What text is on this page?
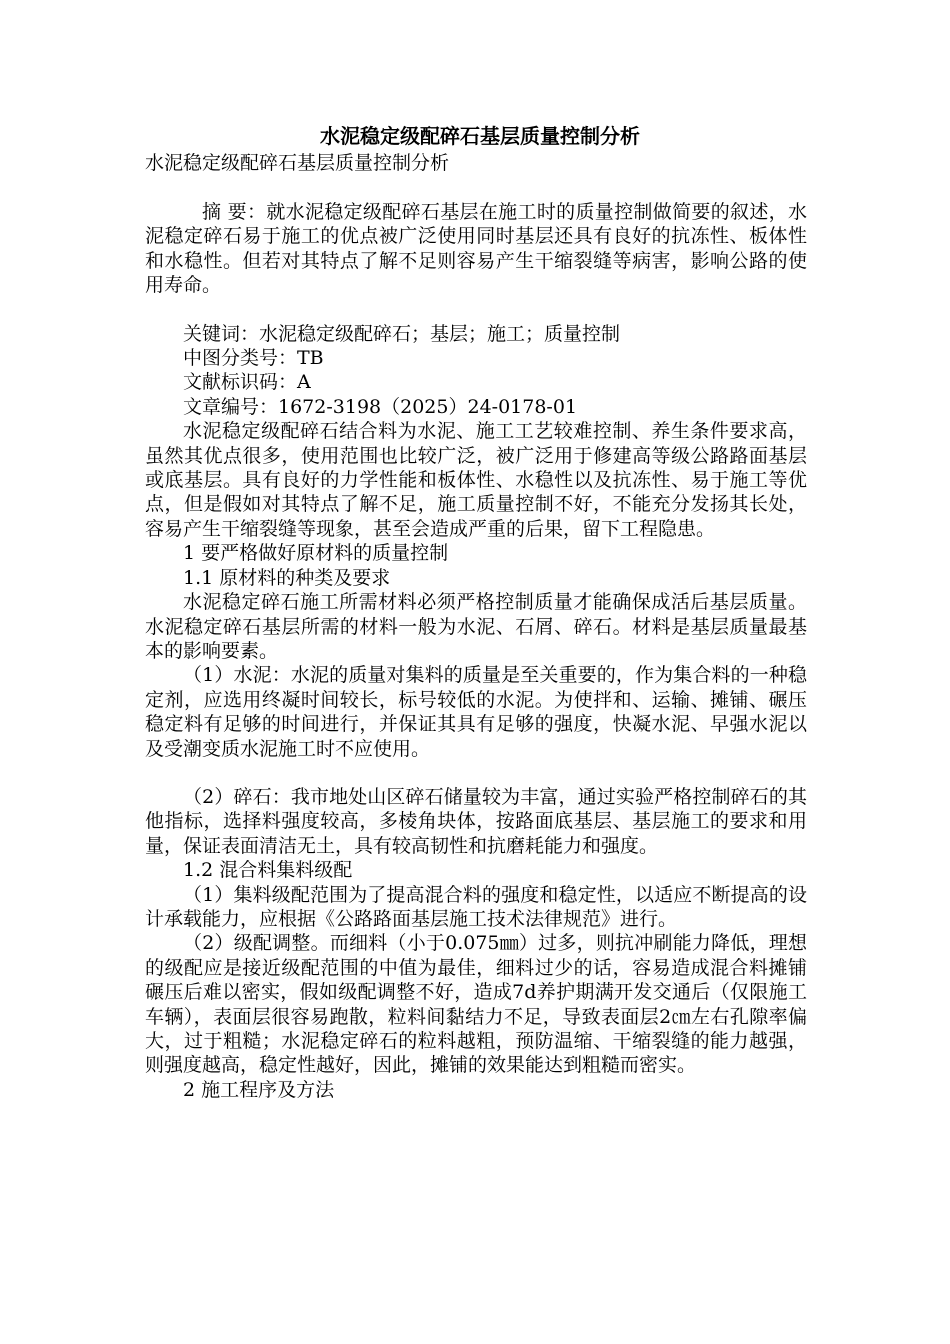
水泥稳定级配碎石基层质量控制分析
水泥稳定级配碎石基层质量控制分析

摘 要：就水泥稳定级配碎石基层在施工时的质量控制做简要的叙述，水泥稳定碎石易于施工的优点被广泛使用同时基层还具有良好的抗冻性、板体性和水稳性。但若对其特点了解不足则容易产生干缩裂缝等病害，影响公路的使用寿命。

关键词：水泥稳定级配碎石；基层；施工；质量控制

中图分类号：TB

文献标识码：A

文章编号：1672-3198（2025）24-0178-01

水泥稳定级配碎石结合料为水泥、施工工艺较难控制、养生条件要求高，虽然其优点很多，使用范围也比较广泛，被广泛用于修建高等级公路路面基层或底基层。具有良好的力学性能和板体性、水稳性以及抗冻性、易于施工等优点，但是假如对其特点了解不足，施工质量控制不好，不能充分发扬其长处，容易产生干缩裂缝等现象，甚至会造成严重的后果，留下工程隐患。

1 要严格做好原材料的质量控制

1.1 原材料的种类及要求

水泥稳定碎石施工所需材料必须严格控制质量才能确保成活后基层质量。水泥稳定碎石基层所需的材料一般为水泥、石屑、碎石。材料是基层质量最基本的影响要素。

（1）水泥：水泥的质量对集料的质量是至关重要的，作为集合料的一种稳定剂，应选用终凝时间较长，标号较低的水泥。为使拌和、运输、摊铺、碾压稳定料有足够的时间进行，并保证其具有足够的强度，快凝水泥、早强水泥以及受潮变质水泥施工时不应使用。

（2）碎石：我市地处山区碎石储量较为丰富，通过实验严格控制碎石的其他指标，选择料强度较高，多棱角块体，按路面底基层、基层施工的要求和用量，保证表面清洁无土，具有较高韧性和抗磨耗能力和强度。

1.2 混合料集料级配

（1）集料级配范围为了提高混合料的强度和稳定性，以适应不断提高的设计承载能力，应根据《公路路面基层施工技术法律规范》进行。

（2）级配调整。而细料（小于0.075㎜）过多，则抗冲刷能力降低，理想的级配应是接近级配范围的中值为最佳，细料过少的话，容易造成混合料摊铺碾压后难以密实，假如级配调整不好，造成7d养护期满开发交通后（仅限施工车辆），表面层很容易跑散，粒料间黏结力不足，导致表面层2㎝左右孔隙率偏大，过于粗糙；水泥稳定碎石的粒料越粗，预防温缩、干缩裂缝的能力越强，则强度越高，稳定性越好，因此，摊铺的效果能达到粗糙而密实。

2 施工程序及方法
